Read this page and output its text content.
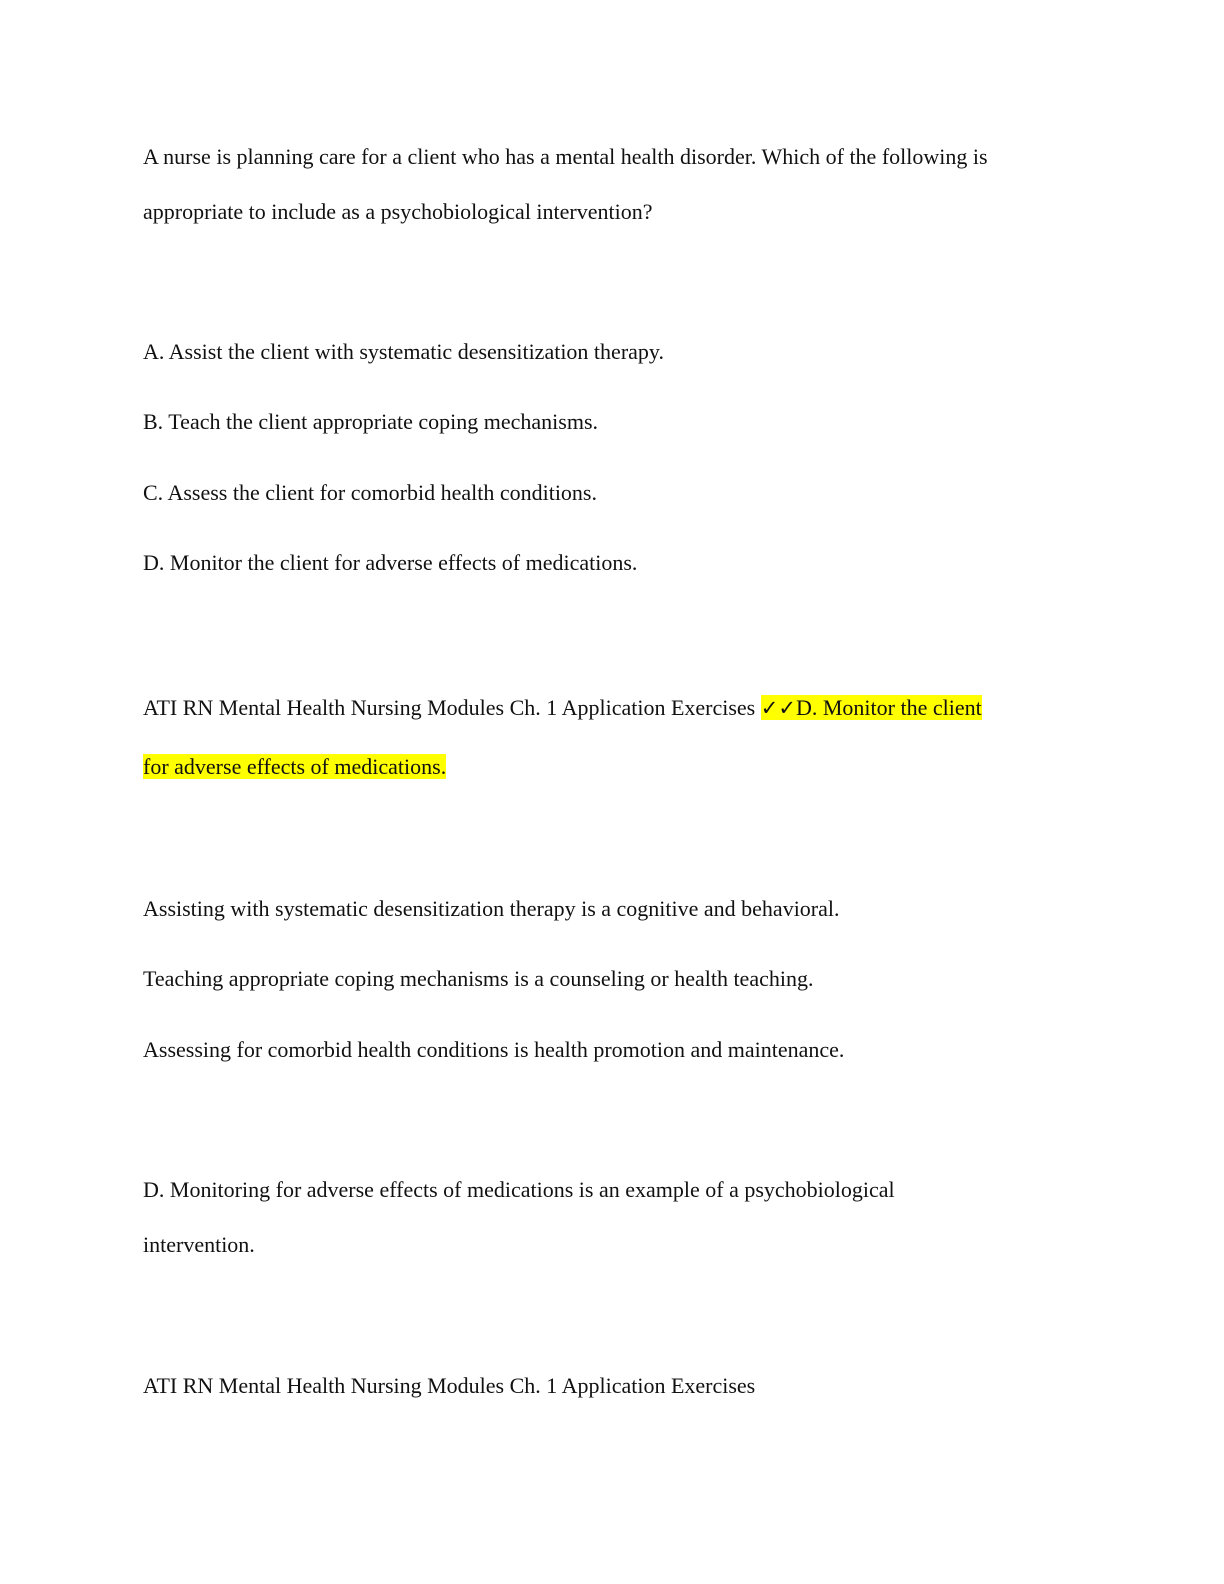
A nurse is planning care for a client who has a mental health disorder. Which of the following is

appropriate to include as a psychobiological intervention?

A. Assist the client with systematic desensitization therapy.

B. Teach the client appropriate coping mechanisms.

C. Assess the client for comorbid health conditions.

D. Monitor the client for adverse effects of medications.

ATI RN Mental Health Nursing Modules Ch. 1 Application Exercises ✓✓D. Monitor the client

for adverse effects of medications.

Assisting with systematic desensitization therapy is a cognitive and behavioral.

Teaching appropriate coping mechanisms is a counseling or health teaching.

Assessing for comorbid health conditions is health promotion and maintenance.

D. Monitoring for adverse effects of medications is an example of a psychobiological

intervention.

ATI RN Mental Health Nursing Modules Ch. 1 Application Exercises
